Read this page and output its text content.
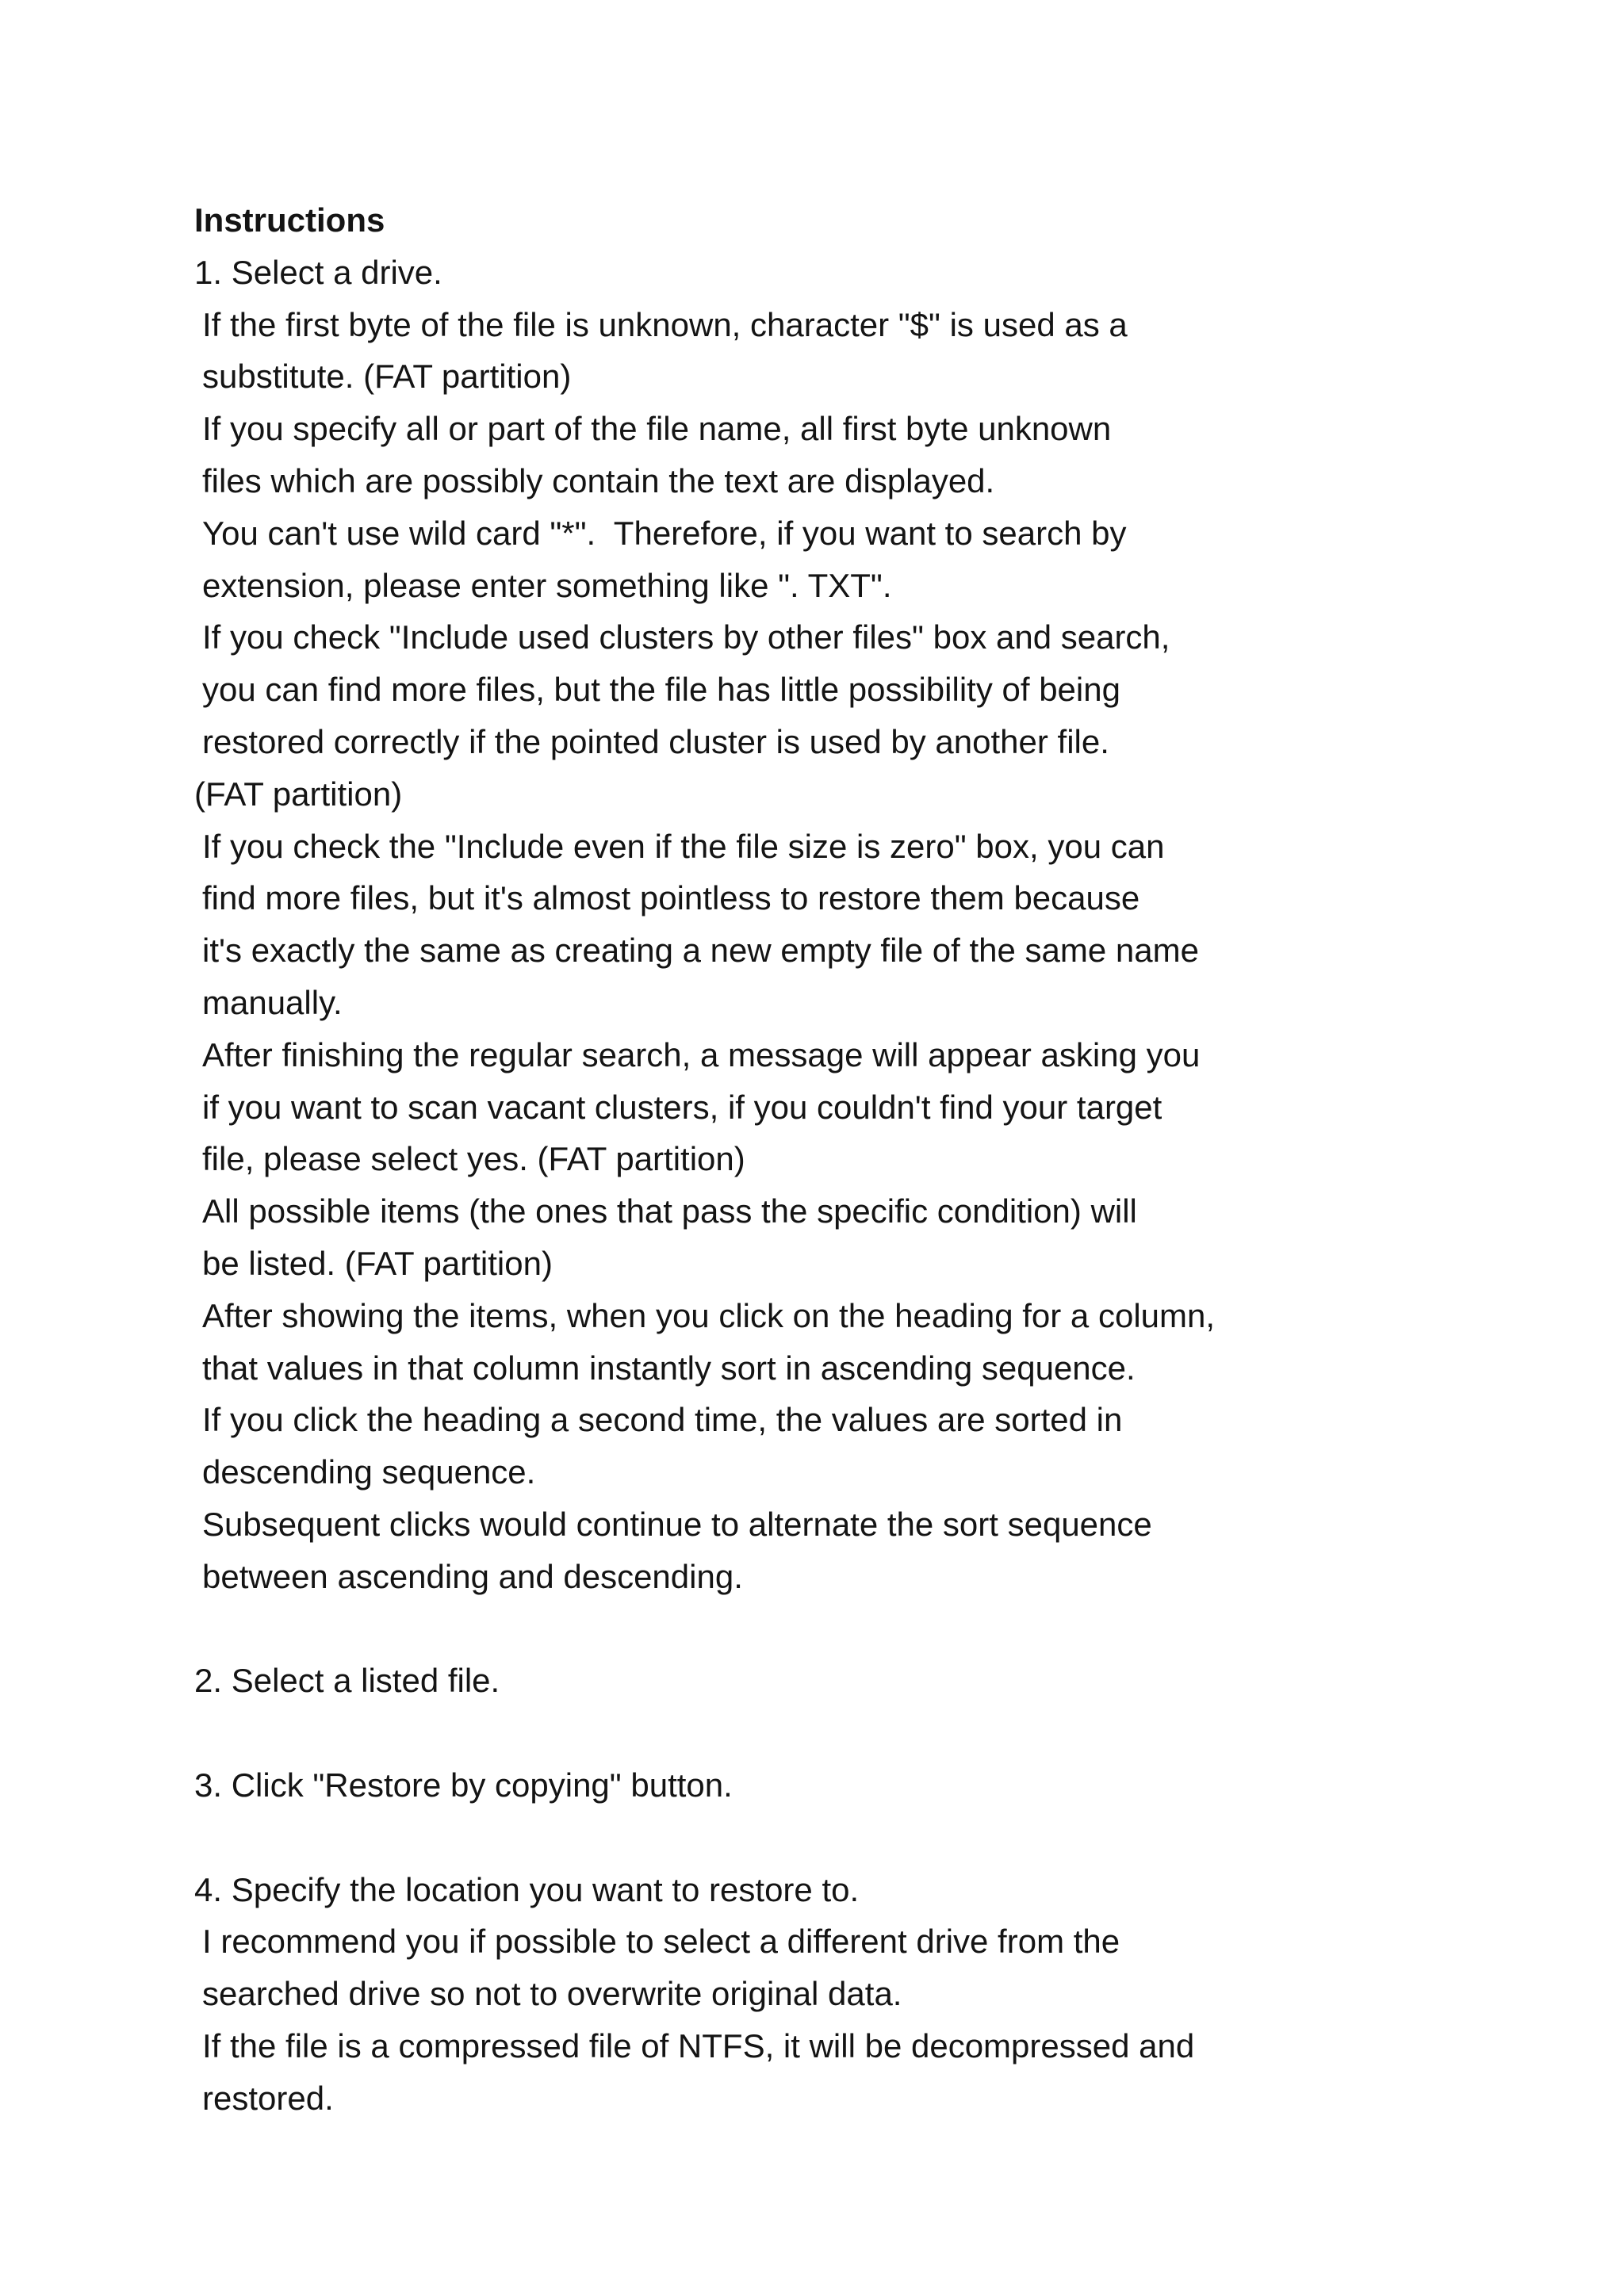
Instructions
1. Select a drive.
If the first byte of the file is unknown, character "$" is used as a
substitute. (FAT partition)
If you specify all or part of the file name, all first byte unknown
files which are possibly contain the text are displayed.
You can't use wild card "*".  Therefore, if you want to search by
extension, please enter something like ". TXT".
If you check "Include used clusters by other files" box and search,
you can find more files, but the file has little possibility of being
restored correctly if the pointed cluster is used by another file.
(FAT partition)
If you check the "Include even if the file size is zero" box, you can
find more files, but it's almost pointless to restore them because
it's exactly the same as creating a new empty file of the same name
manually.
After finishing the regular search, a message will appear asking you
if you want to scan vacant clusters, if you couldn't find your target
file, please select yes. (FAT partition)
All possible items (the ones that pass the specific condition) will
be listed. (FAT partition)
After showing the items, when you click on the heading for a column,
that values in that column instantly sort in ascending sequence.
If you click the heading a second time, the values are sorted in
descending sequence.
Subsequent clicks would continue to alternate the sort sequence
between ascending and descending.
2. Select a listed file.
3. Click "Restore by copying" button.
4. Specify the location you want to restore to.
I recommend you if possible to select a different drive from the
searched drive so not to overwrite original data.
If the file is a compressed file of NTFS, it will be decompressed and
restored.
